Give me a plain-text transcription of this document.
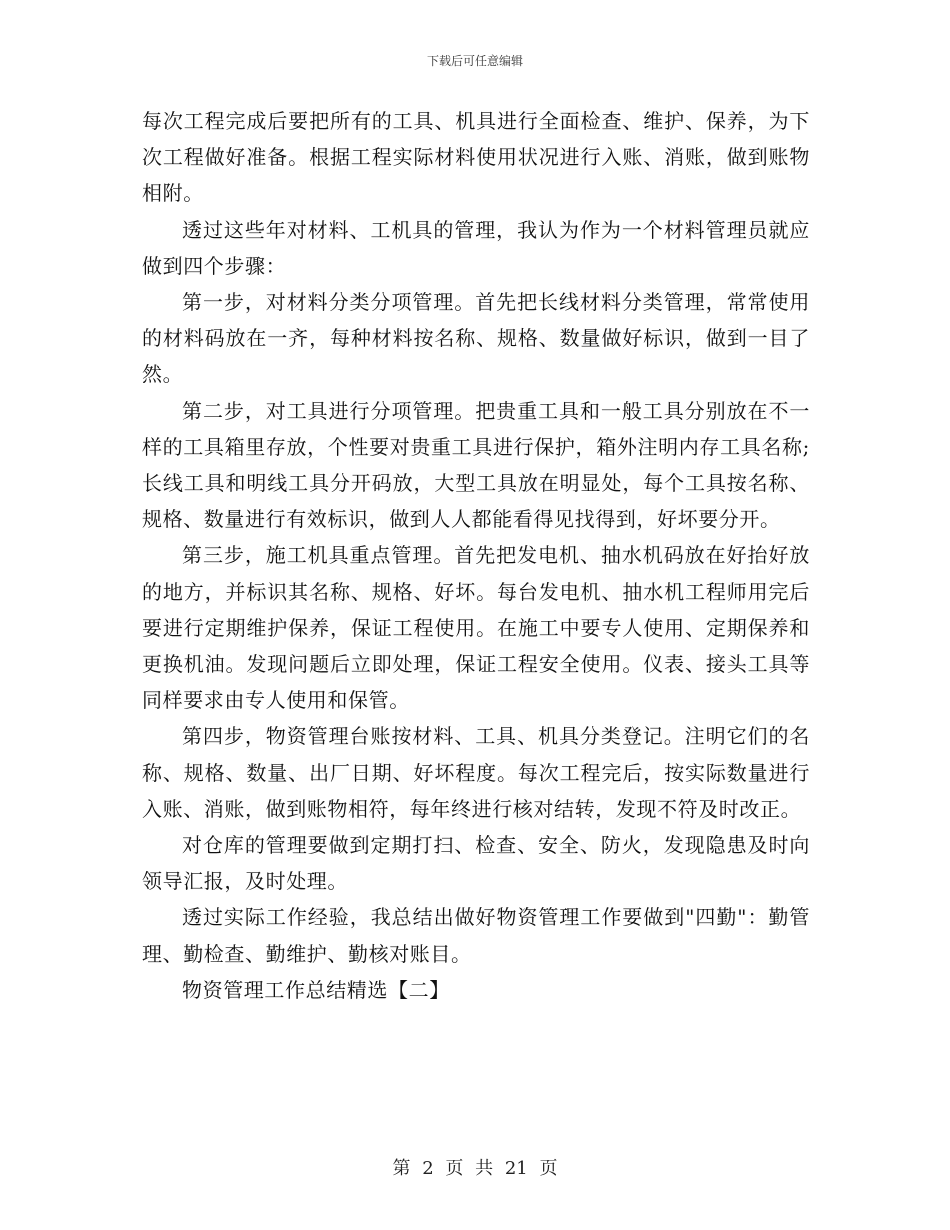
下载后可任意编辑

每次工程完成后要把所有的工具、机具进行全面检查、维护、保养，为下次工程做好准备。根据工程实际材料使用状况进行入账、消账，做到账物相附。

透过这些年对材料、工机具的管理，我认为作为一个材料管理员就应做到四个步骤：

第一步，对材料分类分项管理。首先把长线材料分类管理，常常使用的材料码放在一齐，每种材料按名称、规格、数量做好标识，做到一目了然。

第二步，对工具进行分项管理。把贵重工具和一般工具分别放在不一样的工具箱里存放，个性要对贵重工具进行保护，箱外注明内存工具名称;长线工具和明线工具分开码放，大型工具放在明显处，每个工具按名称、规格、数量进行有效标识，做到人人都能看得见找得到，好坏要分开。

第三步，施工机具重点管理。首先把发电机、抽水机码放在好抬好放的地方，并标识其名称、规格、好坏。每台发电机、抽水机工程师用完后要进行定期维护保养，保证工程使用。在施工中要专人使用、定期保养和更换机油。发现问题后立即处理，保证工程安全使用。仪表、接头工具等同样要求由专人使用和保管。

第四步，物资管理台账按材料、工具、机具分类登记。注明它们的名称、规格、数量、出厂日期、好坏程度。每次工程完后，按实际数量进行入账、消账，做到账物相符，每年终进行核对结转，发现不符及时改正。

对仓库的管理要做到定期打扫、检查、安全、防火，发现隐患及时向领导汇报，及时处理。

透过实际工作经验，我总结出做好物资管理工作要做到"四勤"：勤管理、勤检查、勤维护、勤核对账目。

物资管理工作总结精选【二】

第 2 页 共 21 页
